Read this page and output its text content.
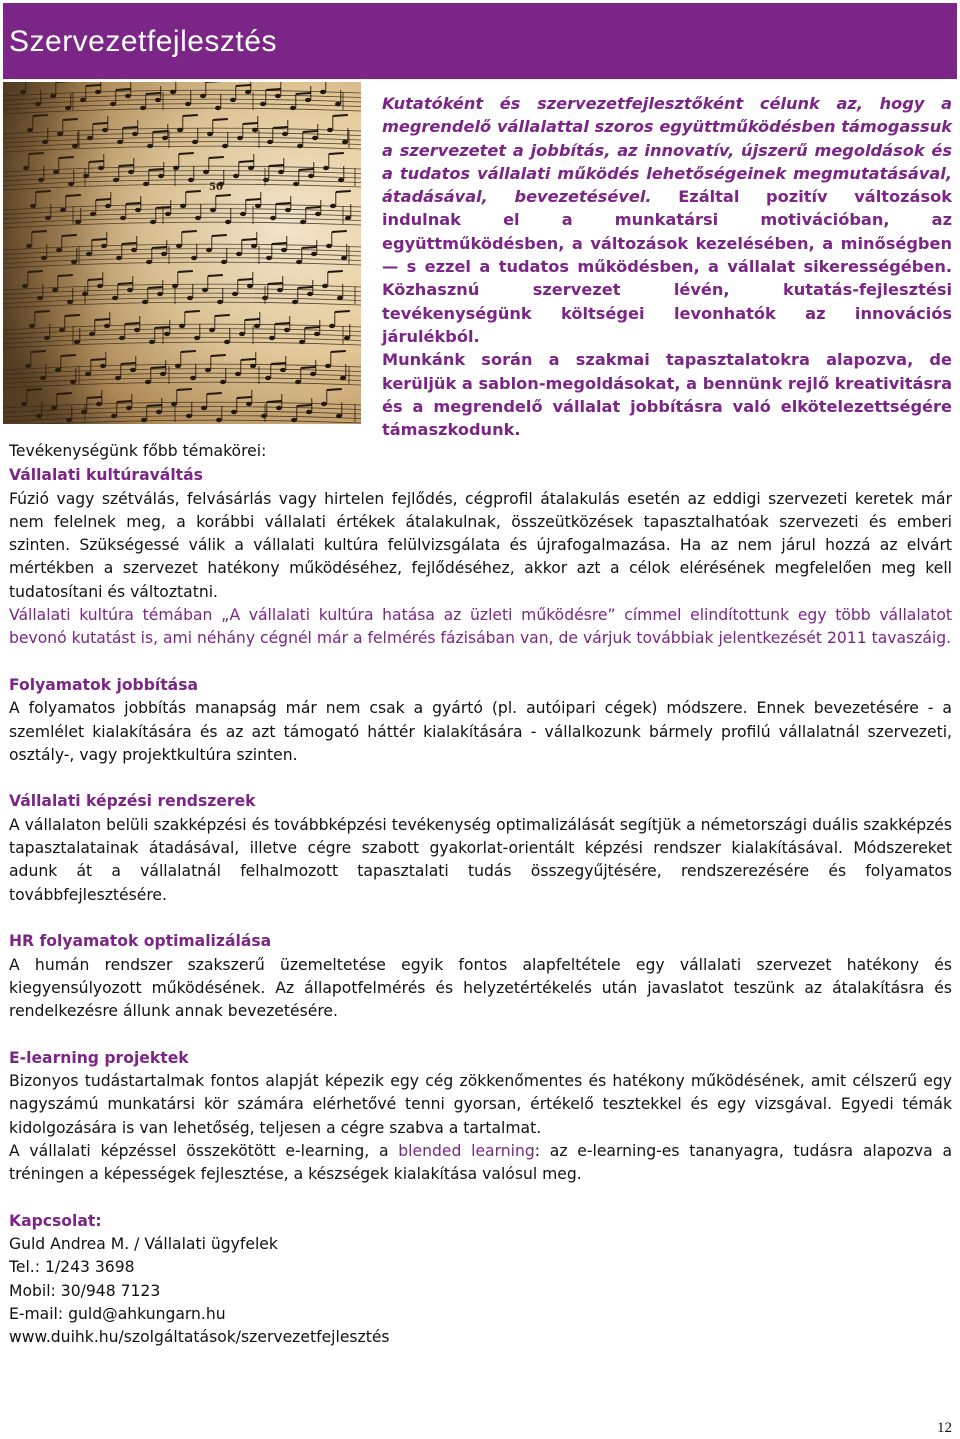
Szervezetfejlesztés

Kutatóként és szervezetfejlesztőként célunk az, hogy a megrendelő vállalattal szoros együttműködésben támogassuk a szervezetet a jobbítás, az innovatív, újszerű megoldások és a tudatos vállalati működés lehetőségeinek megmutatásával, átadásával, bevezetésével. Ezáltal pozitív változások indulnak el a munkatársi motivációban, az együttműködésben, a változások kezelésében, a minőségben — s ezzel a tudatos működésben, a vállalat sikerességében. Közhasznú szervezet lévén, kutatás-fejlesztési tevékenységünk költségei levonhatók az innovációs járulékból.

Munkánk során a szakmai tapasztalatokra alapozva, de kerüljük a sablon-megoldásokat, a bennünk rejlő kreativitásra és a megrendelő vállalat jobbításra való elkötelezettségére támaszkodunk.

Tevékenységünk főbb témakörei:

Vállalati kultúraváltás

Fúzió vagy szétválás, felvásárlás vagy hirtelen fejlődés, cégprofil átalakulás esetén az eddigi szervezeti keretek már nem felelnek meg, a korábbi vállalati értékek átalakulnak, összeütközések tapasztalhatóak szervezeti és emberi szinten. Szükségessé válik a vállalati kultúra felülvizsgálata és újrafogalmazása. Ha az nem járul hozzá az elvárt mértékben a szervezet hatékony működéséhez, fejlődéséhez, akkor azt a célok elérésének megfelelően meg kell tudatosítani és változtatni.

Vállalati kultúra témában „A vállalati kultúra hatása az üzleti működésre” címmel elindítottunk egy több vállalatot bevonó kutatást is, ami néhány cégnél már a felmérés fázisában van, de várjuk továbbiak jelentkezését 2011 tavaszáig.

Folyamatok jobbítása

A folyamatos jobbítás manapság már nem csak a gyártó (pl. autóipari cégek) módszere. Ennek bevezetésére - a szemlélet kialakítására és az azt támogató háttér kialakítására - vállalkozunk bármely profilú vállalatnál szervezeti, osztály-, vagy projektkultúra szinten.

Vállalati képzési rendszerek

A vállalaton belüli szakképzési és továbbképzési tevékenység optimalizálását segítjük a németországi duális szakképzés tapasztalatainak átadásával, illetve cégre szabott gyakorlat-orientált képzési rendszer kialakításával. Módszereket adunk át a vállalatnál felhalmozott tapasztalati tudás összegyűjtésére, rendszerezésére és folyamatos továbbfejlesztésére.

HR folyamatok optimalizálása

A humán rendszer szakszerű üzemeltetése egyik fontos alapfeltétele egy vállalati szervezet hatékony és kiegyensúlyozott működésének. Az állapotfelmérés és helyzetértékelés után javaslatot teszünk az átalakításra és rendelkezésre állunk annak bevezetésére.

E-learning projektek

Bizonyos tudástartalmak fontos alapját képezik egy cég zökkenőmentes és hatékony működésének, amit célszerű egy nagyszámú munkatársi kör számára elérhetővé tenni gyorsan, értékelő tesztekkel és egy vizsgával. Egyedi témák kidolgozására is van lehetőség, teljesen a cégre szabva a tartalmat.

A vállalati képzéssel összekötött e-learning, a blended learning: az e-learning-es tananyagra, tudásra alapozva a tréningen a képességek fejlesztése, a készségek kialakítása valósul meg.

Kapcsolat:

Guld Andrea M. / Vállalati ügyfelek

Tel.: 1/243 3698

Mobil: 30/948 7123

E-mail: guld@ahkungarn.hu

www.duihk.hu/szolgáltatások/szervezetfejlesztés

12
